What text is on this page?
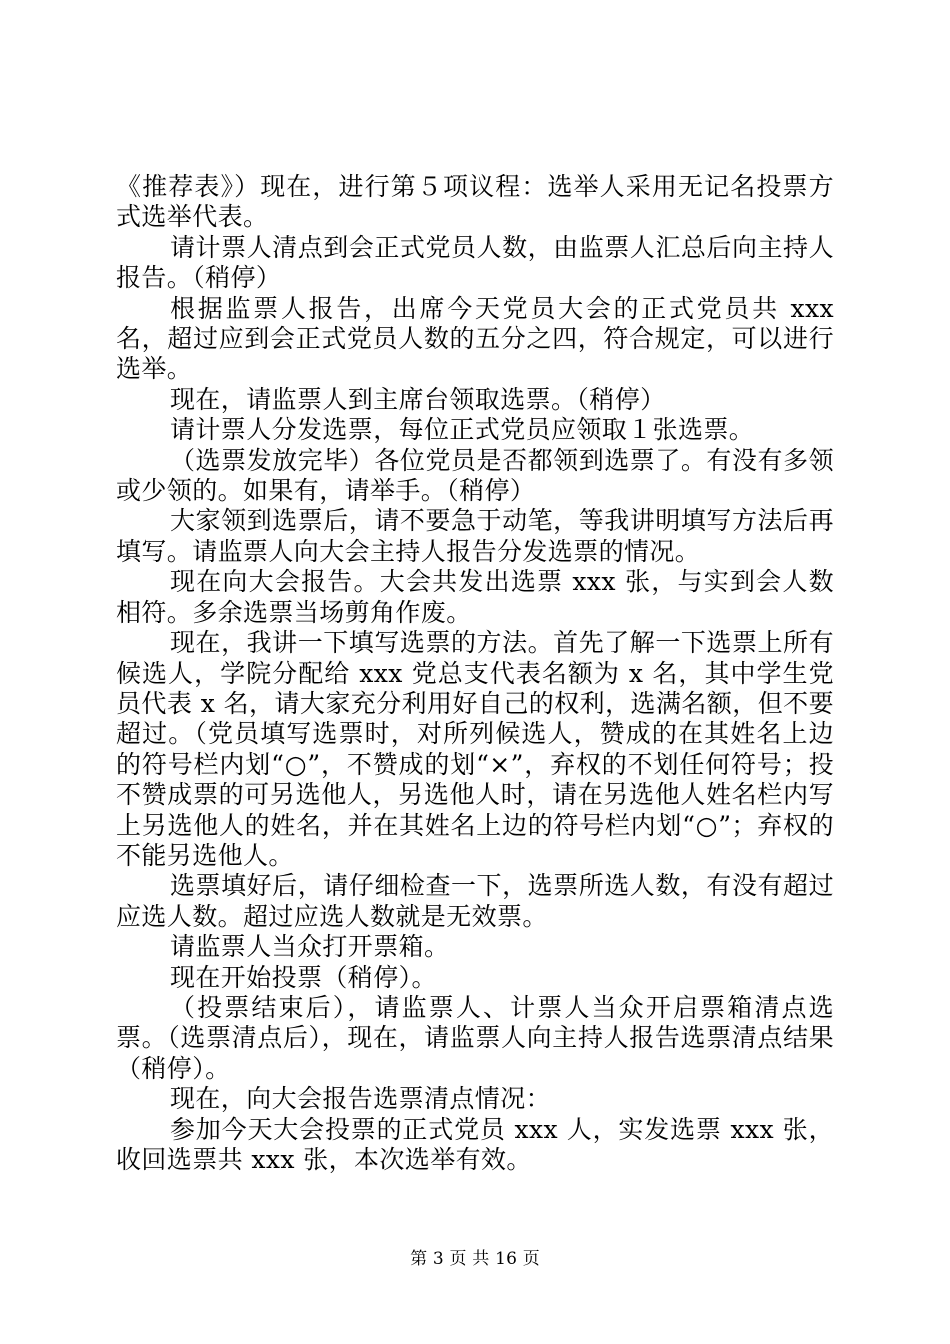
《推荐表》）现在，进行第５项议程：选举人采用无记名投票方式选举代表。

请计票人清点到会正式党员人数，由监票人汇总后向主持人报告。（稍停）

根据监票人报告，出席今天党员大会的正式党员共 xxx 名，超过应到会正式党员人数的五分之四，符合规定，可以进行选举。

现在，请监票人到主席台领取选票。（稍停）

请计票人分发选票，每位正式党员应领取１张选票。

（选票发放完毕）各位党员是否都领到选票了。有没有多领或少领的。如果有，请举手。（稍停）

大家领到选票后，请不要急于动笔，等我讲明填写方法后再填写。请监票人向大会主持人报告分发选票的情况。

现在向大会报告。大会共发出选票 xxx 张，与实到会人数相符。多余选票当场剪角作废。

现在，我讲一下填写选票的方法。首先了解一下选票上所有候选人，学院分配给 xxx 党总支代表名额为 x 名，其中学生党员代表 x 名，请大家充分利用好自己的权利，选满名额，但不要超过。（党员填写选票时，对所列候选人，赞成的在其姓名上边的符号栏内划“○”，不赞成的划“×”，弃权的不划任何符号；投不赞成票的可另选他人，另选他人时，请在另选他人姓名栏内写上另选他人的姓名，并在其姓名上边的符号栏内划“○”；弃权的不能另选他人。

选票填好后，请仔细检查一下，选票所选人数，有没有超过应选人数。超过应选人数就是无效票。

请监票人当众打开票箱。

现在开始投票（稍停）。

（投票结束后），请监票人、计票人当众开启票箱清点选票。（选票清点后），现在，请监票人向主持人报告选票清点结果（稍停）。

现在，向大会报告选票清点情况：

参加今天大会投票的正式党员 xxx 人，实发选票 xxx 张，收回选票共 xxx 张，本次选举有效。

第 3 页 共 16 页
